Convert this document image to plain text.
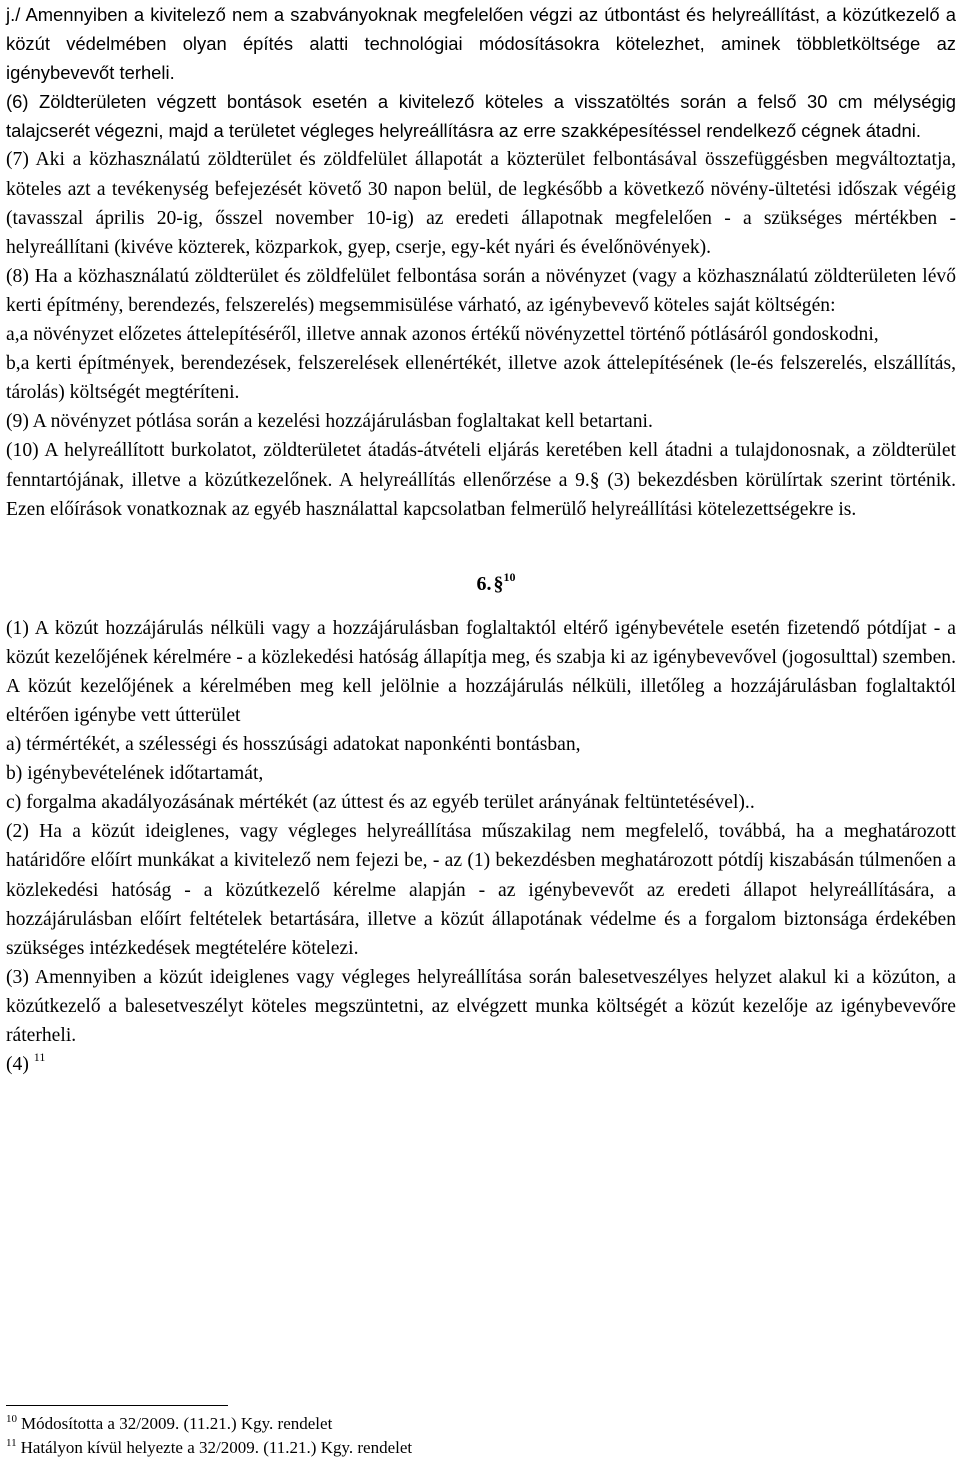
j./ Amennyiben a kivitelező nem a szabványoknak megfelelően végzi az útbontást és helyreállítást, a közútkezelő a közút védelmében olyan építés alatti technológiai módosításokra kötelezhet, aminek többletköltsége az igénybevevőt terheli.

(6) Zöldterületen végzett bontások esetén a kivitelező köteles a visszatöltés során a felső 30 cm mélységig talajcserét végezni, majd a területet végleges helyreállításra az erre szakképesítéssel rendelkező cégnek átadni.

(7) Aki a közhasználatú zöldterület és zöldfelület állapotát a közterület felbontásával összefüggésben megváltoztatja, köteles azt a tevékenység befejezését követő 30 napon belül, de legkésőbb a következő növény-ültetési időszak végéig (tavasszal április 20-ig, ősszel november 10-ig) az eredeti állapotnak megfelelően - a szükséges mértékben - helyreállítani (kivéve közterek, közparkok, gyep, cserje, egy-két nyári és évelőnövények).

(8) Ha a közhasználatú zöldterület és zöldfelület felbontása során a növényzet (vagy a közhasználatú zöldterületen lévő kerti építmény, berendezés, felszerelés) megsemmisülése várható, az igénybevevő köteles saját költségén:

a,a növényzet előzetes áttelepítéséről, illetve annak azonos értékű növényzettel történő pótlásáról gondoskodni,

b,a kerti építmények, berendezések, felszerelések ellenértékét, illetve azok áttelepítésének (le-és felszerelés, elszállítás, tárolás) költségét megtéríteni.

(9) A növényzet pótlása során a kezelési hozzájárulásban foglaltakat kell betartani.

(10) A helyreállított burkolatot, zöldterületet átadás-átvételi eljárás keretében kell átadni a tulajdonosnak, a zöldterület fenntartójának, illetve a közútkezelőnek. A helyreállítás ellenőrzése a 9.§ (3) bekezdésben körülírtak szerint történik. Ezen előírások vonatkoznak az egyéb használattal kapcsolatban felmerülő helyreállítási kötelezettségekre is.

6. §$^{10}$

(1) A közút hozzájárulás nélküli vagy a hozzájárulásban foglaltaktól eltérő igénybevétele esetén fizetendő pótdíjat - a közút kezelőjének kérelmére - a közlekedési hatóság állapítja meg, és szabja ki az igénybevevővel (jogosulttal) szemben. A közút kezelőjének a kérelmében meg kell jelölnie a hozzájárulás nélküli, illetőleg a hozzájárulásban foglaltaktól eltérően igénybe vett útterület

a) térmértékét, a szélességi és hosszúsági adatokat naponkénti bontásban,

b) igénybevételének időtartamát,

c) forgalma akadályozásának mértékét (az úttest és az egyéb terület arányának feltüntetésével)..

(2) Ha a közút ideiglenes, vagy végleges helyreállítása műszakilag nem megfelelő, továbbá, ha a meghatározott határidőre előírt munkákat a kivitelező nem fejezi be, - az (1) bekezdésben meghatározott pótdíj kiszabásán túlmenően a közlekedési hatóság - a közútkezelő kérelme alapján - az igénybevevőt az eredeti állapot helyreállítására, a hozzájárulásban előírt feltételek betartására, illetve a közút állapotának védelme és a forgalom biztonsága érdekében szükséges intézkedések megtételére kötelezi.

(3) Amennyiben a közút ideiglenes vagy végleges helyreállítása során balesetveszélyes helyzet alakul ki a közúton, a közútkezelő a balesetveszélyt köteles megszüntetni, az elvégzett munka költségét a közút kezelője az igénybevevőre ráterheli.

(4) $^{11}$

$^{10}$ Módosította a 32/2009. (11.21.) Kgy. rendelet
$^{11}$ Hatályon kívül helyezte a 32/2009. (11.21.) Kgy. rendelet
